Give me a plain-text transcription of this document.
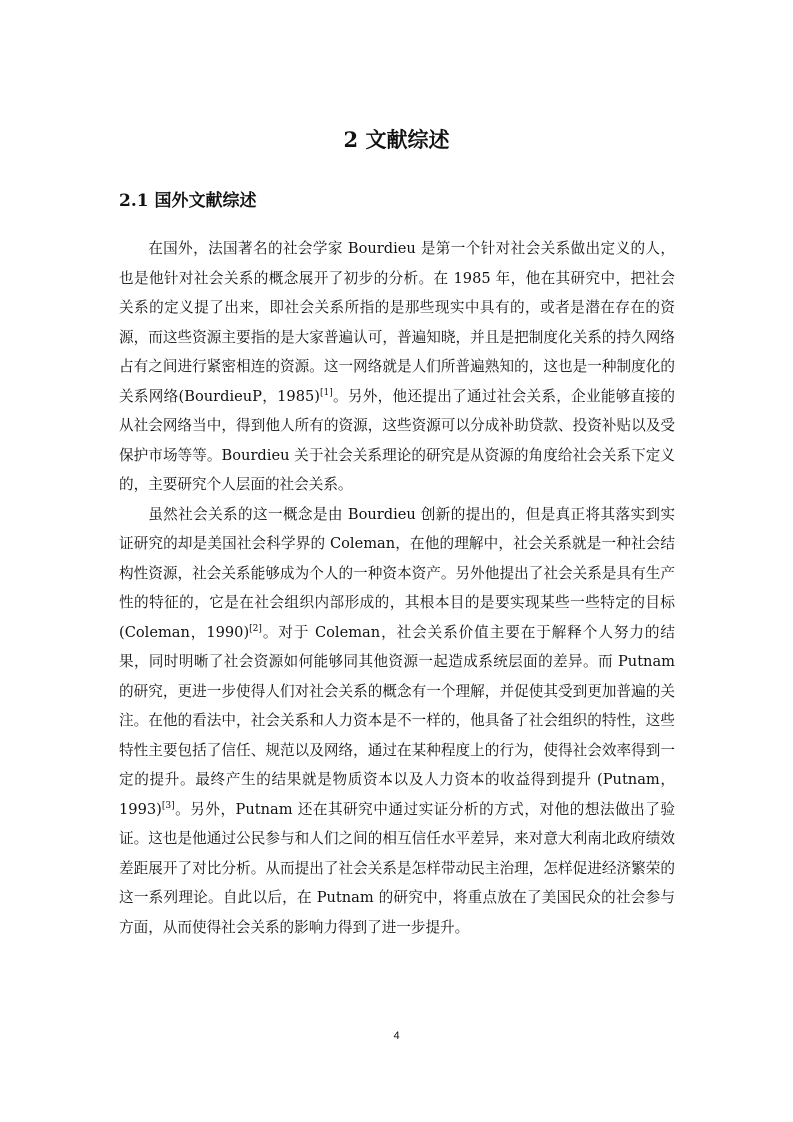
2 文献综述
2.1 国外文献综述

在国外，法国著名的社会学家 Bourdieu 是第一个针对社会关系做出定义的人，也是他针对社会关系的概念展开了初步的分析。在 1985 年，他在其研究中，把社会关系的定义提了出来，即社会关系所指的是那些现实中具有的，或者是潜在存在的资源，而这些资源主要指的是大家普遍认可，普遍知晓，并且是把制度化关系的持久网络占有之间进行紧密相连的资源。这一网络就是人们所普遍熟知的，这也是一种制度化的关系网络(BourdieuP，1985)[1]。另外，他还提出了通过社会关系，企业能够直接的从社会网络当中，得到他人所有的资源，这些资源可以分成补助贷款、投资补贴以及受保护市场等等。Bourdieu 关于社会关系理论的研究是从资源的角度给社会关系下定义的，主要研究个人层面的社会关系。

虽然社会关系的这一概念是由 Bourdieu 创新的提出的，但是真正将其落实到实证研究的却是美国社会科学界的 Coleman，在他的理解中，社会关系就是一种社会结构性资源，社会关系能够成为个人的一种资本资产。另外他提出了社会关系是具有生产性的特征的，它是在社会组织内部形成的，其根本目的是要实现某些一些特定的目标 (Coleman，1990)[2]。对于 Coleman，社会关系价值主要在于解释个人努力的结果，同时明晰了社会资源如何能够同其他资源一起造成系统层面的差异。而 Putnam 的研究，更进一步使得人们对社会关系的概念有一个理解，并促使其受到更加普遍的关注。在他的看法中，社会关系和人力资本是不一样的，他具备了社会组织的特性，这些特性主要包括了信任、规范以及网络，通过在某种程度上的行为，使得社会效率得到一定的提升。最终产生的结果就是物质资本以及人力资本的收益得到提升 (Putnam，1993)[3]。另外，Putnam 还在其研究中通过实证分析的方式，对他的想法做出了验证。这也是他通过公民参与和人们之间的相互信任水平差异，来对意大利南北政府绩效差距展开了对比分析。从而提出了社会关系是怎样带动民主治理，怎样促进经济繁荣的这一系列理论。自此以后，在 Putnam 的研究中，将重点放在了美国民众的社会参与方面，从而使得社会关系的影响力得到了进一步提升。

4
